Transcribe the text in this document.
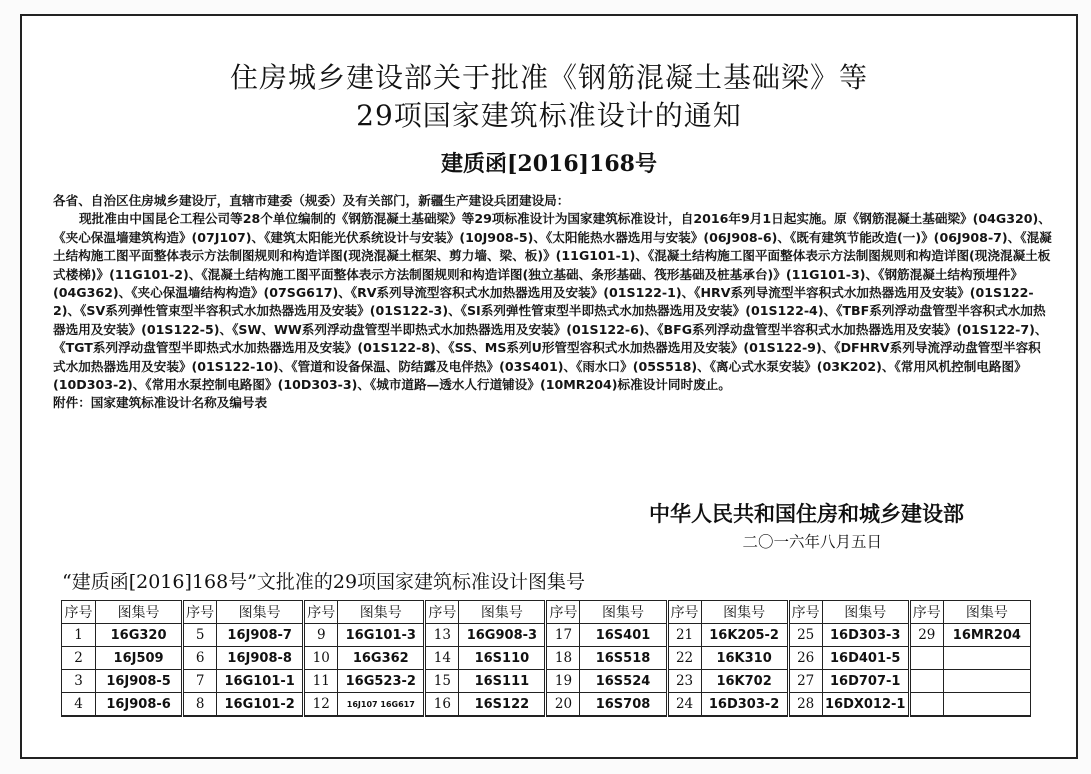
住房城乡建设部关于批准《钢筋混凝土基础梁》等
29项国家建筑标准设计的通知
建质函[2016]168号

各省、自治区住房城乡建设厅，直辖市建委（规委）及有关部门，新疆生产建设兵团建设局：

现批准由中国昆仑工程公司等28个单位编制的《钢筋混凝土基础梁》等29项标准设计为国家建筑标准设计，自2016年9月1日起实施。原《钢筋混凝土基础梁》(04G320)、《夹心保温墙建筑构造》(07J107)、《建筑太阳能光伏系统设计与安装》(10J908-5)、《太阳能热水器选用与安装》(06J908-6)、《既有建筑节能改造(一)》(06J908-7)、《混凝土结构施工图平面整体表示方法制图规则和构造详图(现浇混凝土框架、剪力墙、梁、板)》(11G101-1)、《混凝土结构施工图平面整体表示方法制图规则和构造详图(现浇混凝土板式楼梯)》(11G101-2)、《混凝土结构施工图平面整体表示方法制图规则和构造详图(独立基础、条形基础、筏形基础及桩基承台)》(11G101-3)、《钢筋混凝土结构预埋件》(04G362)、《夹心保温墙结构构造》(07SG617)、《RV系列导流型容积式水加热器选用及安装》(01S122-1)、《HRV系列导流型半容积式水加热器选用及安装》(01S122-2)、《SV系列弹性管束型半容积式水加热器选用及安装》(01S122-3)、《SI系列弹性管束型半即热式水加热器选用及安装》(01S122-4)、《TBF系列浮动盘管型半容积式水加热器选用及安装》(01S122-5)、《SW、WW系列浮动盘管型半即热式水加热器选用及安装》(01S122-6)、《BFG系列浮动盘管型半容积式水加热器选用及安装》(01S122-7)、《TGT系列浮动盘管型半即热式水加热器选用及安装》(01S122-8)、《SS、MS系列U形管型容积式水加热器选用及安装》(01S122-9)、《DFHRV系列导流浮动盘管型半容积式水加热器选用及安装》(01S122-10)、《管道和设备保温、防结露及电伴热》(03S401)、《雨水口》(05S518)、《离心式水泵安装》(03K202)、《常用风机控制电路图》(10D303-2)、《常用水泵控制电路图》(10D303-3)、《城市道路—透水人行道铺设》(10MR204)标准设计同时废止。

附件：国家建筑标准设计名称及编号表

中华人民共和国住房和城乡建设部
二〇一六年八月五日
“建质函[2016]168号”文批准的29项国家建筑标准设计图集号
序号	图集号	序号	图集号	序号	图集号	序号	图集号	序号	图集号	序号	图集号	序号	图集号	序号	图集号
1	16G320	5	16J908-7	9	16G101-3	13	16G908-3	17	16S401	21	16K205-2	25	16D303-3	29	16MR204
2	16J509	6	16J908-8	10	16G362	14	16S110	18	16S518	22	16K310	26	16D401-5		
3	16J908-5	7	16G101-1	11	16G523-2	15	16S111	19	16S524	23	16K702	27	16D707-1		
4	16J908-6	8	16G101-2	12	16J107 16G617	16	16S122	20	16S708	24	16D303-2	28	16DX012-1		
